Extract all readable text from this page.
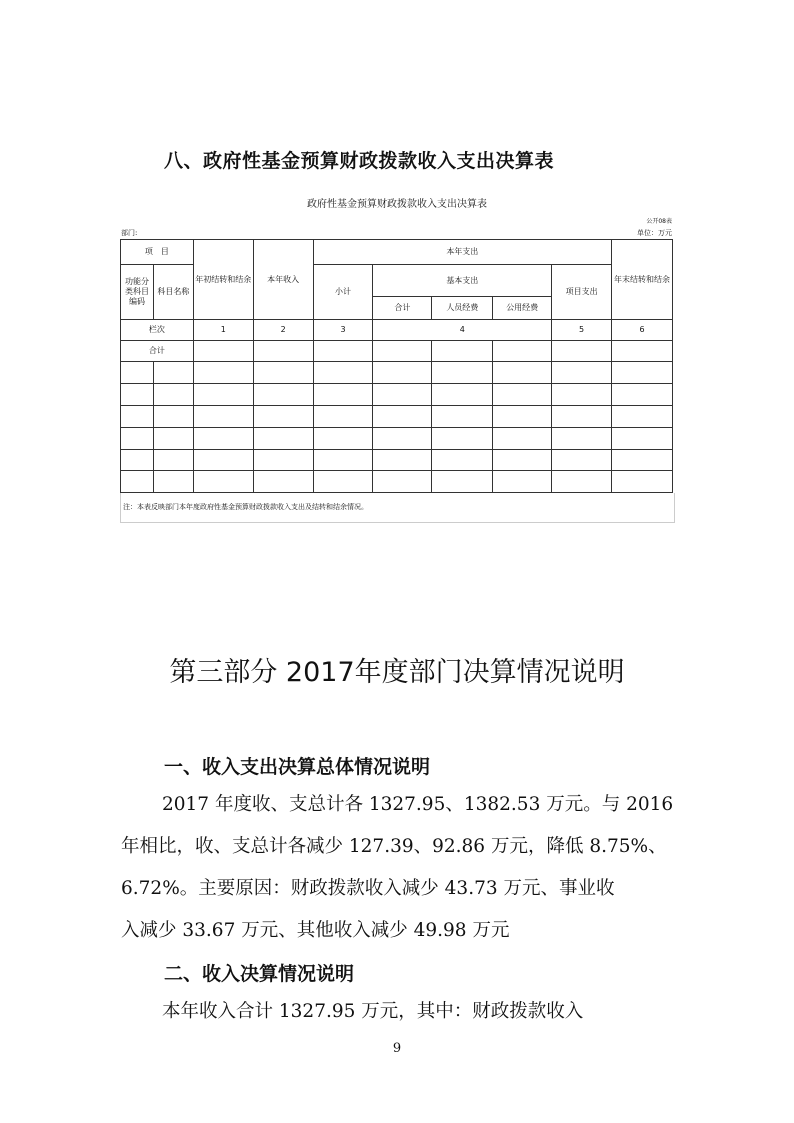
八、政府性基金预算财政拨款收入支出决算表
政府性基金预算财政拨款收入支出决算表
公开08表
部门:	单位：万元
项　目		年初结转和结余	本年收入	本年支出					年末结转和结余
功能分类科目编码	科目名称			小计	基本支出			项目支出	
					合计	人员经费	公用经费		
栏次		1	2	3	4			5	6
合计									

注：本表反映部门本年度政府性基金预算财政拨款收入支出及结转和结余情况。
第三部分 2017年度部门决算情况说明
一、收入支出决算总体情况说明

2017 年度收、支总计各 1327.95、1382.53 万元。与 2016

年相比，收、支总计各减少 127.39、92.86 万元，降低 8.75%、

6.72%。主要原因：财政拨款收入减少 43.73 万元、事业收

入减少 33.67 万元、其他收入减少 49.98 万元

二、收入决算情况说明

本年收入合计 1327.95 万元，其中：财政拨款收入

9
